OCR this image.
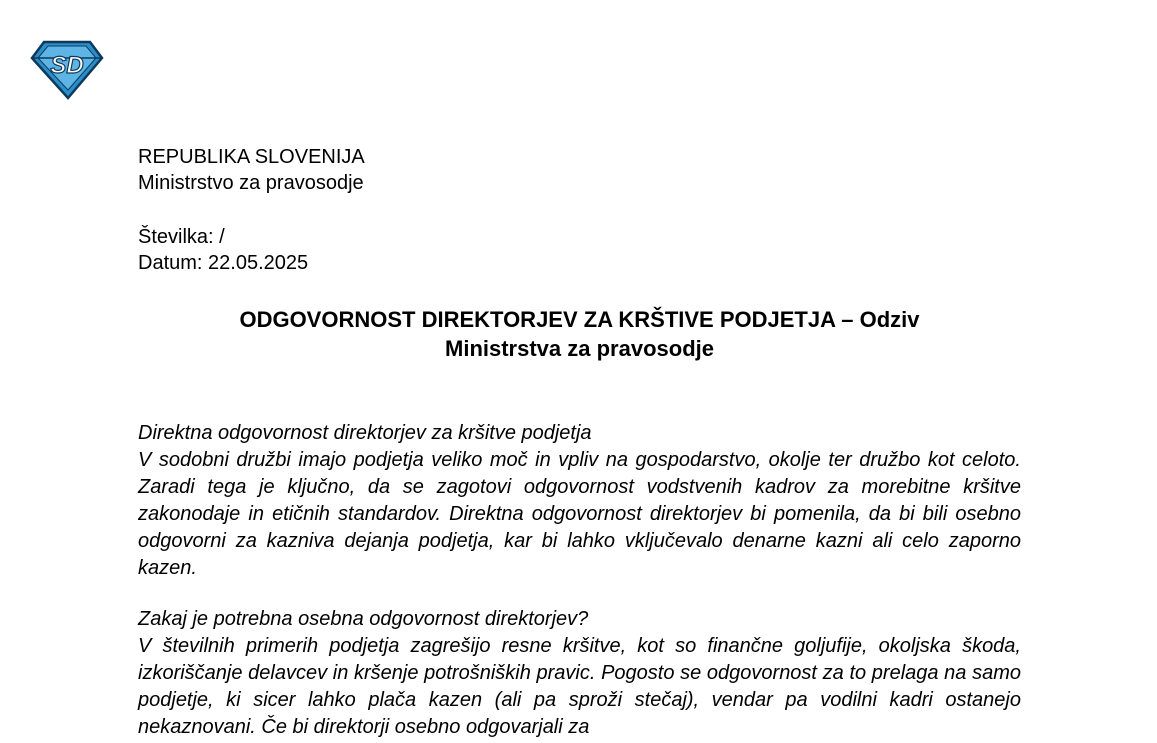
SD
REPUBLIKA SLOVENIJA
Ministrstvo za pravosodje
Številka: /
Datum: 22.05.2025
ODGOVORNOST DIREKTORJEV ZA KRŠTIVE PODJETJA – Odziv
Ministrstva za pravosodje

Direktna odgovornost direktorjev za kršitve podjetja

V sodobni družbi imajo podjetja veliko moč in vpliv na gospodarstvo, okolje ter družbo kot celoto. Zaradi tega je ključno, da se zagotovi odgovornost vodstvenih kadrov za morebitne kršitve zakonodaje in etičnih standardov. Direktna odgovornost direktorjev bi pomenila, da bi bili osebno odgovorni za kazniva dejanja podjetja, kar bi lahko vključevalo denarne kazni ali celo zaporno kazen.

Zakaj je potrebna osebna odgovornost direktorjev?

V številnih primerih podjetja zagrešijo resne kršitve, kot so finančne goljufije, okoljska škoda, izkoriščanje delavcev in kršenje potrošniških pravic. Pogosto se odgovornost za to prelaga na samo podjetje, ki sicer lahko plača kazen (ali pa sproži stečaj), vendar pa vodilni kadri ostanejo nekaznovani. Če bi direktorji osebno odgovarjali za
